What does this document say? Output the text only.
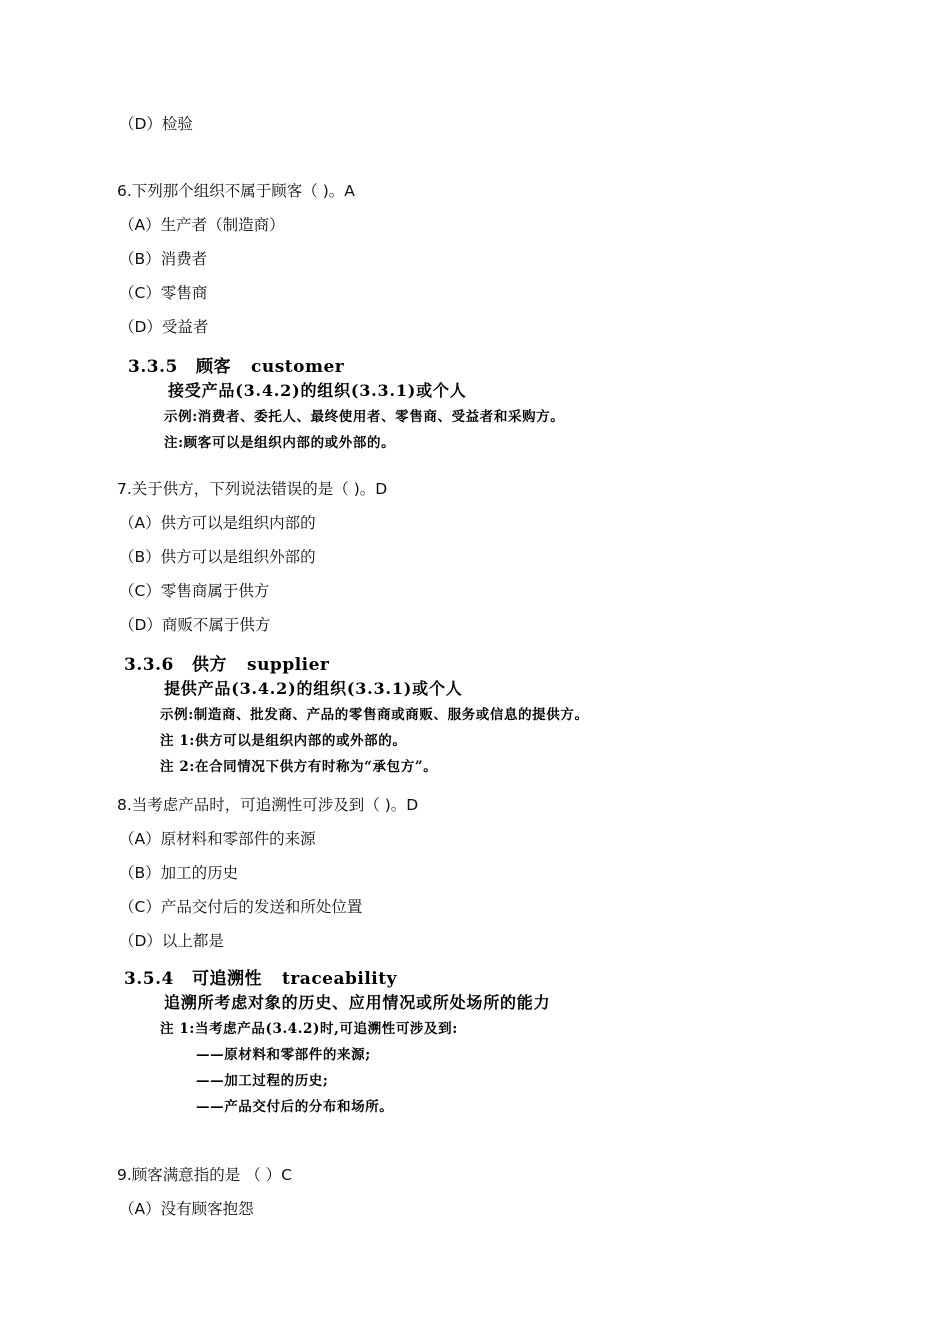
（D）检验
6.下列那个组织不属于顾客（ )。A
（A）生产者（制造商）
（B）消费者
（C）零售商
（D）受益者
3.3.5 顾客 customer
接受产品(3.4.2)的组织(3.3.1)或个人
示例:消费者、委托人、最终使用者、零售商、受益者和采购方。
注:顾客可以是组织内部的或外部的。
7.关于供方，下列说法错误的是（ )。D
（A）供方可以是组织内部的
（B）供方可以是组织外部的
（C）零售商属于供方
（D）商贩不属于供方
3.3.6 供方 supplier
提供产品(3.4.2)的组织(3.3.1)或个人
示例:制造商、批发商、产品的零售商或商贩、服务或信息的提供方。
注 1:供方可以是组织内部的或外部的。
注 2:在合同情况下供方有时称为“承包方”。
8.当考虑产品时，可追溯性可涉及到（ )。D
（A）原材料和零部件的来源
（B）加工的历史
（C）产品交付后的发送和所处位置
（D）以上都是
3.5.4 可追溯性 traceability
追溯所考虑对象的历史、应用情况或所处场所的能力
注 1:当考虑产品(3.4.2)时,可追溯性可涉及到:
——原材料和零部件的来源;
——加工过程的历史;
——产品交付后的分布和场所。
9.顾客满意指的是 （ ）C
（A）没有顾客抱怨
